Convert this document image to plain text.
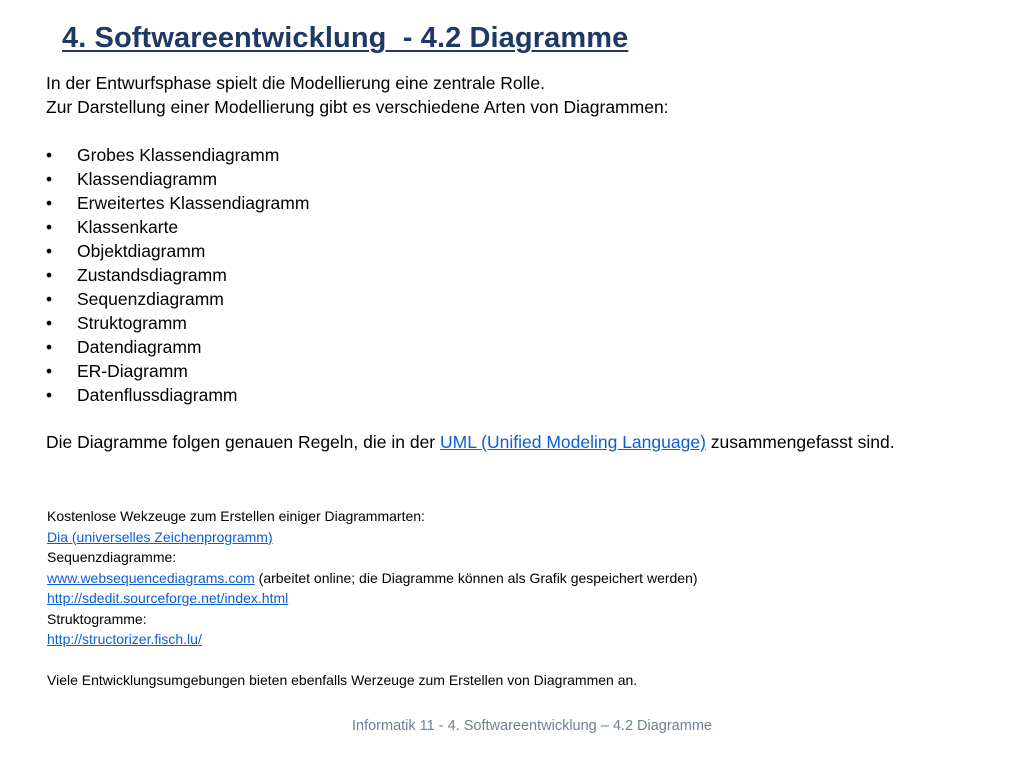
4. Softwareentwicklung  - 4.2 Diagramme
In der Entwurfsphase spielt die Modellierung eine zentrale Rolle.
Zur Darstellung einer Modellierung gibt es verschiedene Arten von Diagrammen:
• Grobes Klassendiagramm
• Klassendiagramm
• Erweitertes Klassendiagramm
• Klassenkarte
• Objektdiagramm
• Zustandsdiagramm
• Sequenzdiagramm
• Struktogramm
• Datendiagramm
• ER-Diagramm
• Datenflussdiagramm
Die Diagramme folgen genauen Regeln, die in der UML (Unified Modeling Language) zusammengefasst sind.
Kostenlose Wekzeuge zum Erstellen einiger Diagrammarten:
Dia (universelles Zeichenprogramm)
Sequenzdiagramme:
www.websequencediagrams.com (arbeitet online; die Diagramme können als Grafik gespeichert werden)
http://sdedit.sourceforge.net/index.html
Struktogramme:
http://structorizer.fisch.lu/
Viele Entwicklungsumgebungen bieten ebenfalls Werzeuge zum Erstellen von Diagrammen an.
Informatik 11 - 4. Softwareentwicklung – 4.2 Diagramme
